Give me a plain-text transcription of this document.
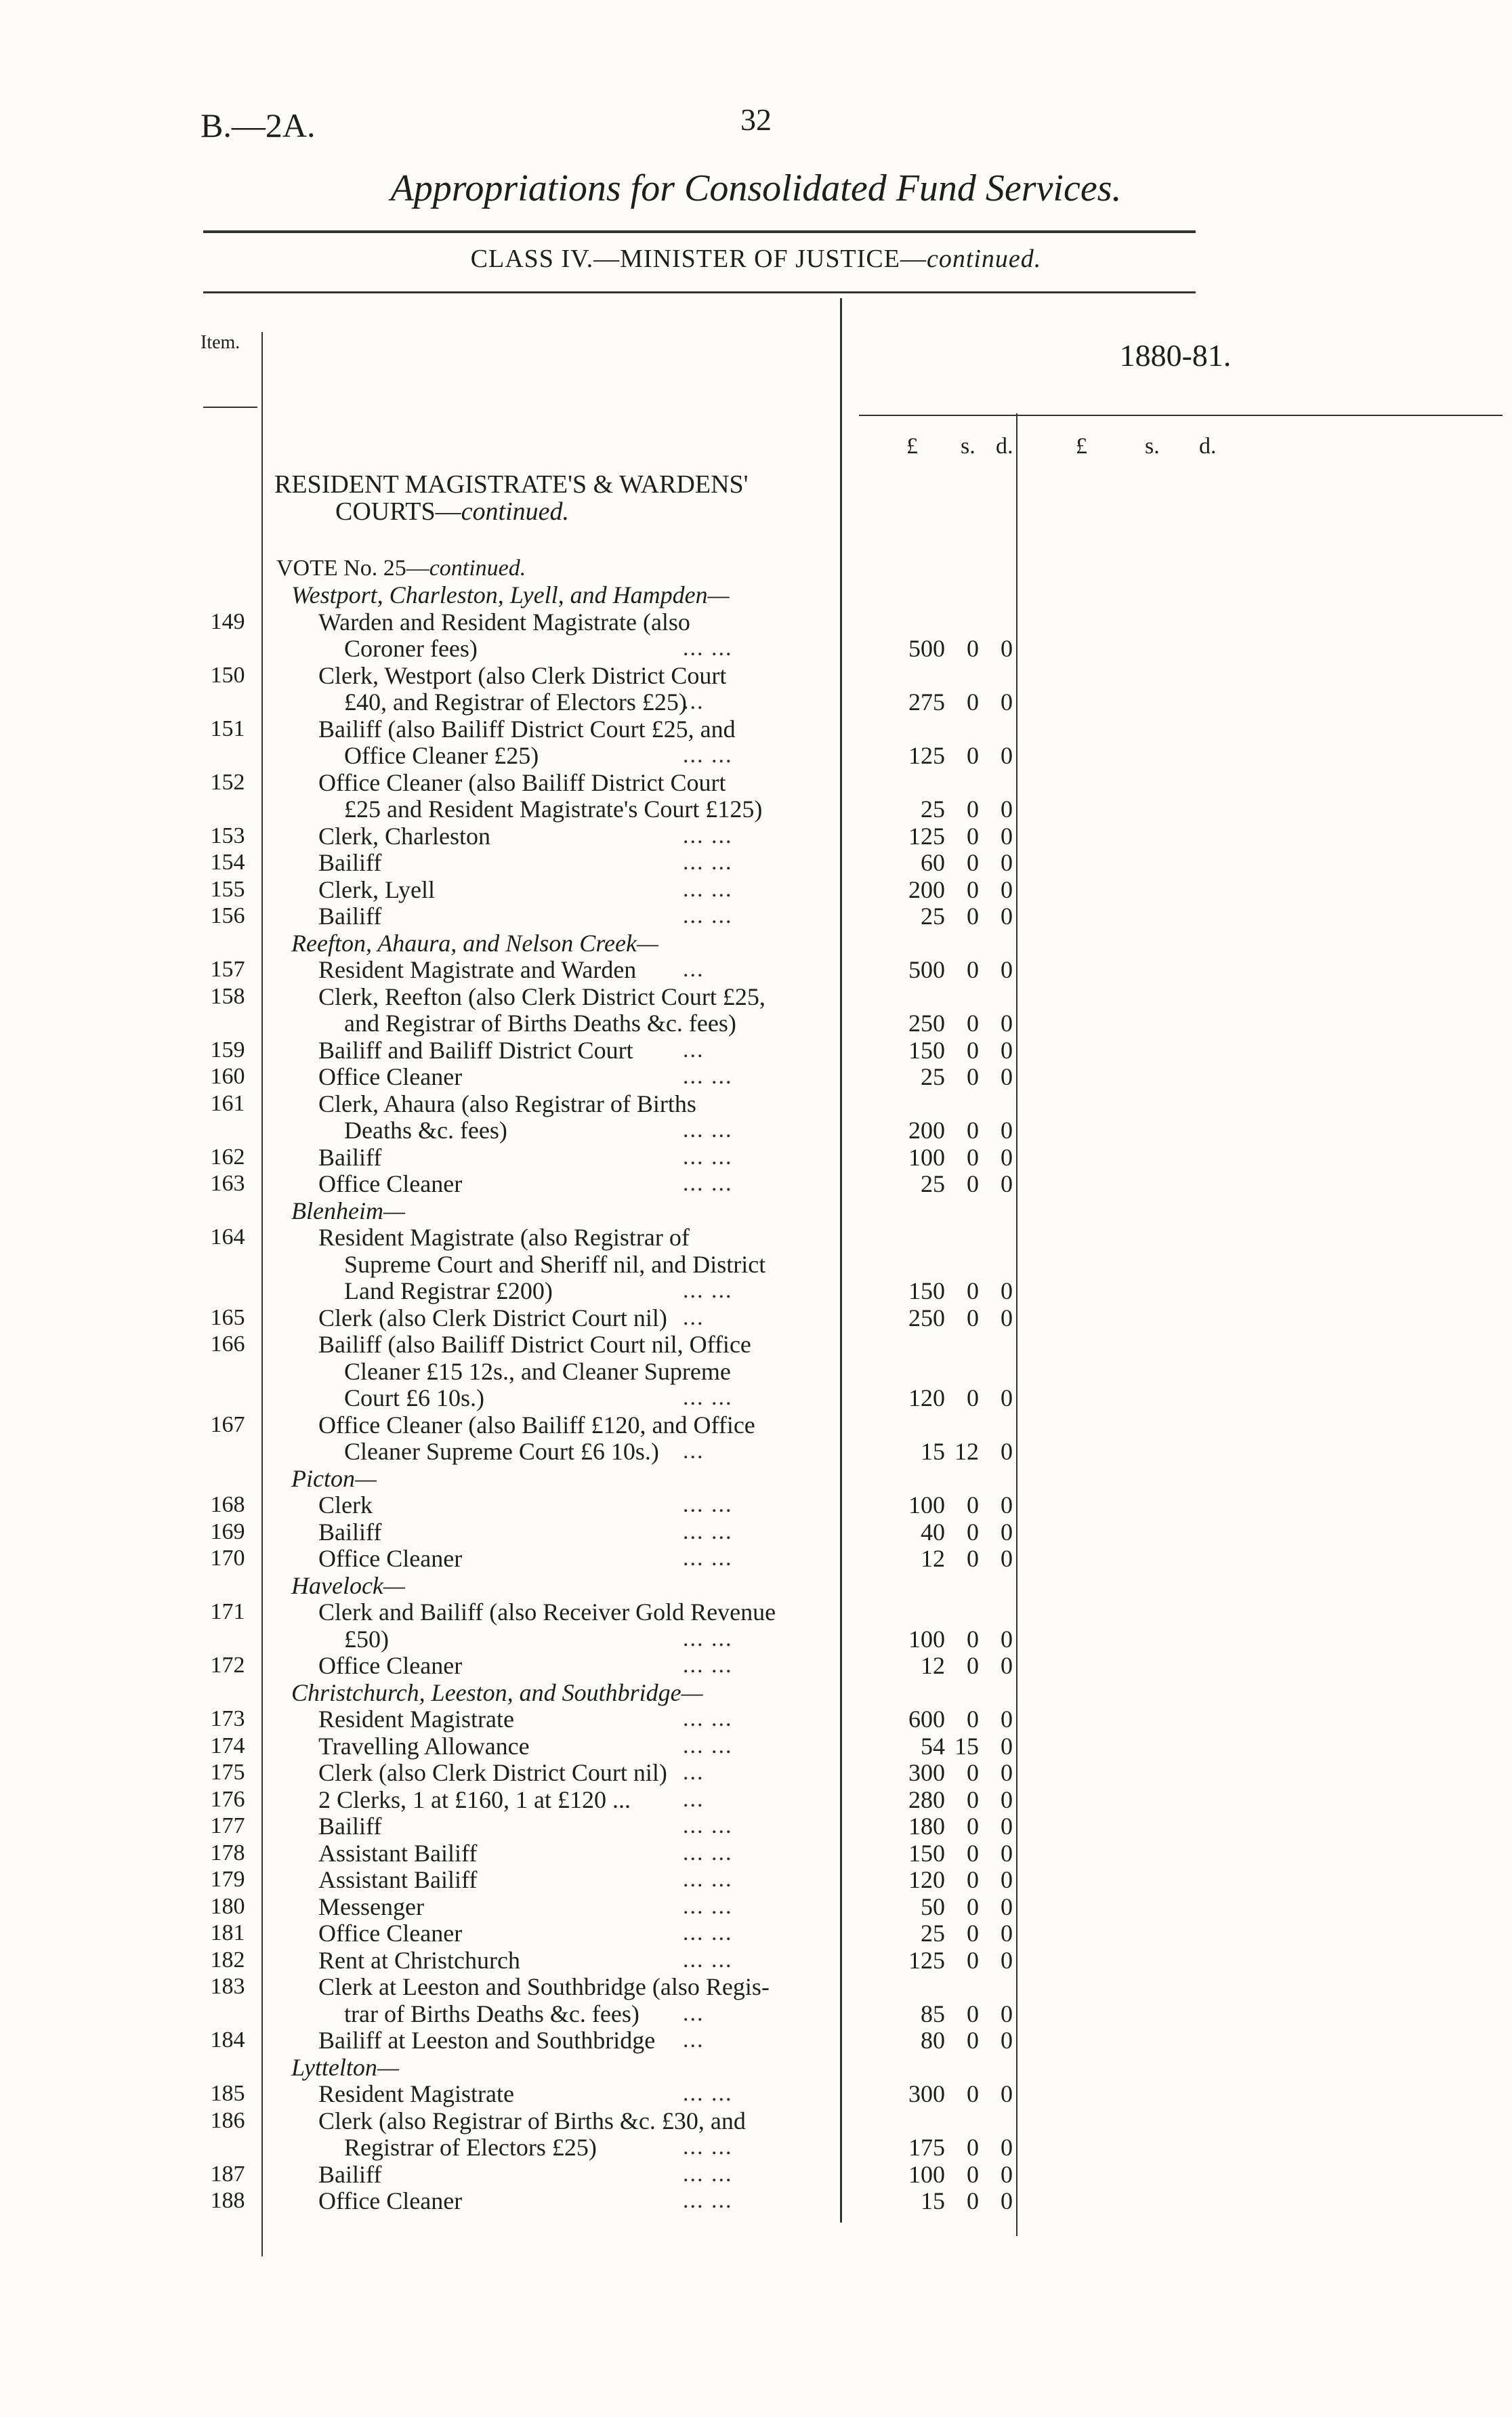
B.—2A.	32
Appropriations for Consolidated Fund Services.
CLASS IV.—MINISTER OF JUSTICE—continued.
Item.	1880-81.
£ s. d.	£	s. d.
RESIDENT MAGISTRATE'S & WARDENS'
COURTS—continued.
VOTE No. 25—continued.
Westport, Charleston, Lyell, and Hampden—
149	Warden and Resident Magistrate (also
Coroner fees)	... ...	500 0 0
150	Clerk, Westport (also Clerk District Court
£40, and Registrar of Electors £25)
...	275 0 0
151	Bailiff (also Bailiff District Court £25, and
Office Cleaner £25)	... ...	125 0 0
152	Office Cleaner (also Bailiff District Court
£25 and Resident Magistrate's Court £125)	25 0 0
153	Clerk, Charleston	... ...	125 0 0
154	Bailiff	... ...	60 0 0
155	Clerk, Lyell	... ...	200 0 0
156	Bailiff	... ...	25 0 0
Reefton, Ahaura, and Nelson Creek—
157	Resident Magistrate and Warden ...	500 0 0
158	Clerk, Reefton (also Clerk District Court £25,
and Registrar of Births Deaths &c. fees)	250 0 0
159	Bailiff and Bailiff District Court ...	150 0 0
160	Office Cleaner	... ...	25 0 0
161	Clerk, Ahaura (also Registrar of Births
Deaths &c. fees)	... ...	200 0 0
162	Bailiff	... ...	100 0 0
163	Office Cleaner	... ...	25 0 0
Blenheim—
164	Resident Magistrate (also Registrar of
Supreme Court and Sheriff nil, and District
Land Registrar £200)	... ...	150 0 0
165	Clerk (also Clerk District Court nil) ...	250 0 0
166	Bailiff (also Bailiff District Court nil, Office
Cleaner £15 12s., and Cleaner Supreme
Court £6 10s.)	... ...	120 0 0
167	Office Cleaner (also Bailiff £120, and Office
Cleaner Supreme Court £6 10s.) ...	15 12 0
Picton—
168	Clerk	... ...	100 0 0
169	Bailiff	... ...	40 0 0
170	Office Cleaner	... ...	12 0 0
Havelock—
171	Clerk and Bailiff (also Receiver Gold Revenue
£50)	... ...	100 0 0
172	Office Cleaner	... ...	12 0 0
Christchurch, Leeston, and Southbridge—
173	Resident Magistrate	... ...	600 0 0
174	Travelling Allowance	... ...	54 15 0
175	Clerk (also Clerk District Court nil) ...	300 0 0
176	2 Clerks, 1 at £160, 1 at £120 ... ...	280 0 0
177	Bailiff	... ...	180 0 0
178	Assistant Bailiff	... ...	150 0 0
179	Assistant Bailiff	... ...	120 0 0
180	Messenger	... ...	50 0 0
181	Office Cleaner	... ...	25 0 0
182	Rent at Christchurch	... ...	125 0 0
183	Clerk at Leeston and Southbridge (also Regis-
trar of Births Deaths &c. fees) ...	85 0 0
184	Bailiff at Leeston and Southbridge ...	80 0 0
Lyttelton—
185	Resident Magistrate	... ...	300 0 0
186	Clerk (also Registrar of Births &c. £30, and
Registrar of Electors £25)	... ...	175 0 0
187	Bailiff	... ...	100 0 0
188	Office Cleaner	... ...	15 0 0
